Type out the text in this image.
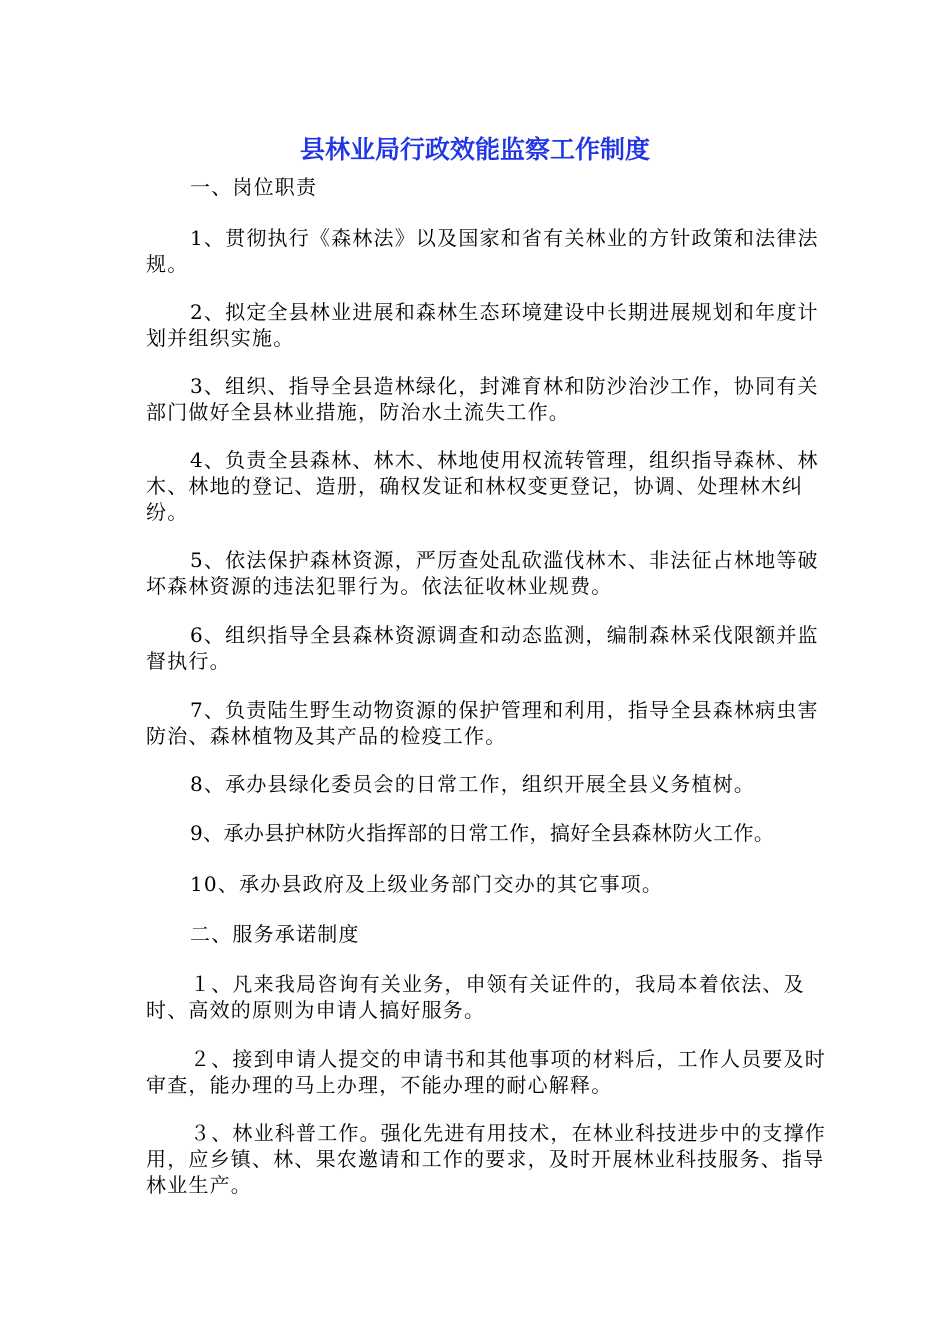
县林业局行政效能监察工作制度

一、岗位职责

1、贯彻执行《森林法》以及国家和省有关林业的方针政策和法律法规。

2、拟定全县林业进展和森林生态环境建设中长期进展规划和年度计划并组织实施。

3、组织、指导全县造林绿化，封滩育林和防沙治沙工作，协同有关部门做好全县林业措施，防治水土流失工作。

4、负责全县森林、林木、林地使用权流转管理，组织指导森林、林木、林地的登记、造册，确权发证和林权变更登记，协调、处理林木纠纷。

5、依法保护森林资源，严厉查处乱砍滥伐林木、非法征占林地等破坏森林资源的违法犯罪行为。依法征收林业规费。

6、组织指导全县森林资源调查和动态监测，编制森林采伐限额并监督执行。

7、负责陆生野生动物资源的保护管理和利用，指导全县森林病虫害防治、森林植物及其产品的检疫工作。

8、承办县绿化委员会的日常工作，组织开展全县义务植树。

9、承办县护林防火指挥部的日常工作，搞好全县森林防火工作。

10、承办县政府及上级业务部门交办的其它事项。

二、服务承诺制度

１、凡来我局咨询有关业务，申领有关证件的，我局本着依法、及时、高效的原则为申请人搞好服务。

２、接到申请人提交的申请书和其他事项的材料后，工作人员要及时审查，能办理的马上办理，不能办理的耐心解释。

３、林业科普工作。强化先进有用技术，在林业科技进步中的支撑作用，应乡镇、林、果农邀请和工作的要求，及时开展林业科技服务、指导林业生产。
